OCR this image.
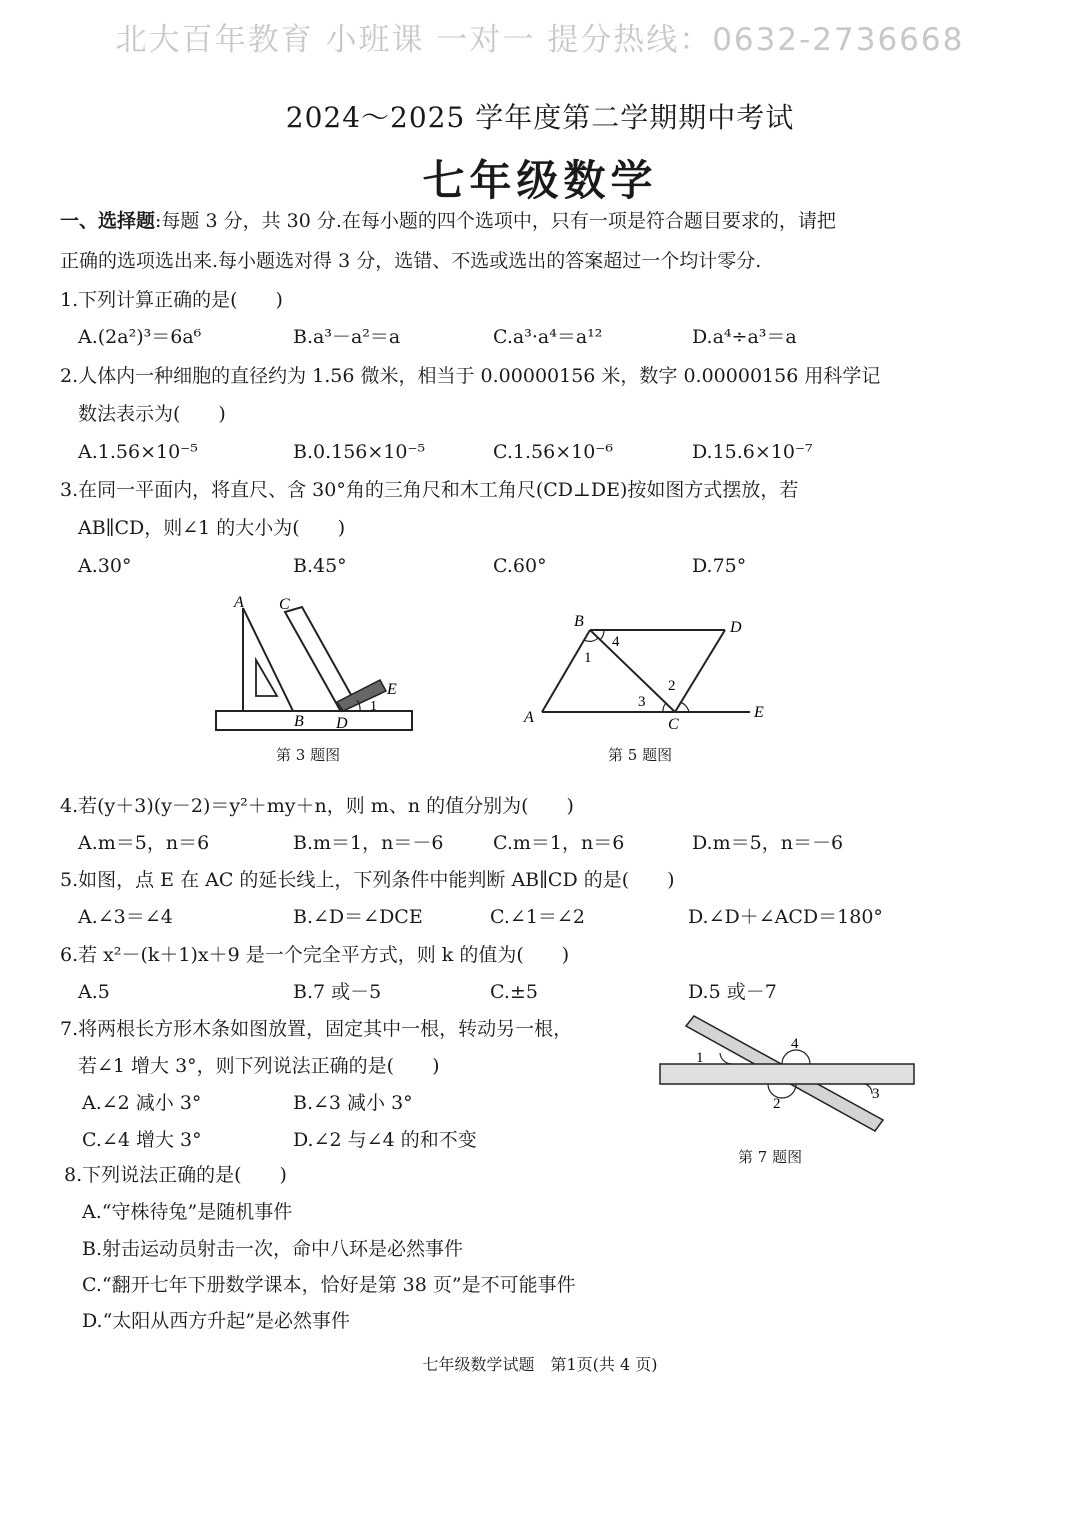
北大百年教育 小班课 一对一 提分热线：0632-2736668
2024～2025 学年度第二学期期中考试
七年级数学
一、选择题:每题 3 分，共 30 分.在每小题的四个选项中，只有一项是符合题目要求的，请把
正确的选项选出来.每小题选对得 3 分，选错、不选或选出的答案超过一个均计零分.
1.下列计算正确的是(　　)
A.(2a²)³＝6a⁶	B.a³－a²＝a	C.a³·a⁴＝a¹²	D.a⁴÷a³＝a
2.人体内一种细胞的直径约为 1.56 微米，相当于 0.00000156 米，数字 0.00000156 用科学记
数法表示为(　　)
A.1.56×10⁻⁵	B.0.156×10⁻⁵	C.1.56×10⁻⁶	D.15.6×10⁻⁷
3.在同一平面内，将直尺、含 30°角的三角尺和木工角尺(CD⊥DE)按如图方式摆放，若
AB∥CD，则∠1 的大小为(　　)
A.30°	B.45°	C.60°	D.75°
A C
E
1
B D
第 3 题图
B	D
4
1
2
3
A	C
E
第 5 题图
4.若(y＋3)(y－2)＝y²＋my＋n，则 m、n 的值分别为(　　)
A.m＝5，n＝6	B.m＝1，n＝－6	C.m＝1，n＝6	D.m＝5，n＝－6
5.如图，点 E 在 AC 的延长线上，下列条件中能判断 AB∥CD 的是(　　)
A.∠3＝∠4	B.∠D＝∠DCE	C.∠1＝∠2	D.∠D＋∠ACD＝180°
6.若 x²－(k＋1)x＋9 是一个完全平方式，则 k 的值为(　　)
A.5	B.7 或－5	C.±5	D.5 或－7
7.将两根长方形木条如图放置，固定其中一根，转动另一根，
若∠1 增大 3°，则下列说法正确的是(　　)
A.∠2 减小 3°	B.∠3 减小 3°
C.∠4 增大 3°	D.∠2 与∠4 的和不变
1
4
2
3
第 7 题图
8.下列说法正确的是(　　)
A.“守株待兔”是随机事件
B.射击运动员射击一次，命中八环是必然事件
C.“翻开七年下册数学课本，恰好是第 38 页”是不可能事件
D.“太阳从西方升起”是必然事件
七年级数学试题　第1页(共 4 页)
